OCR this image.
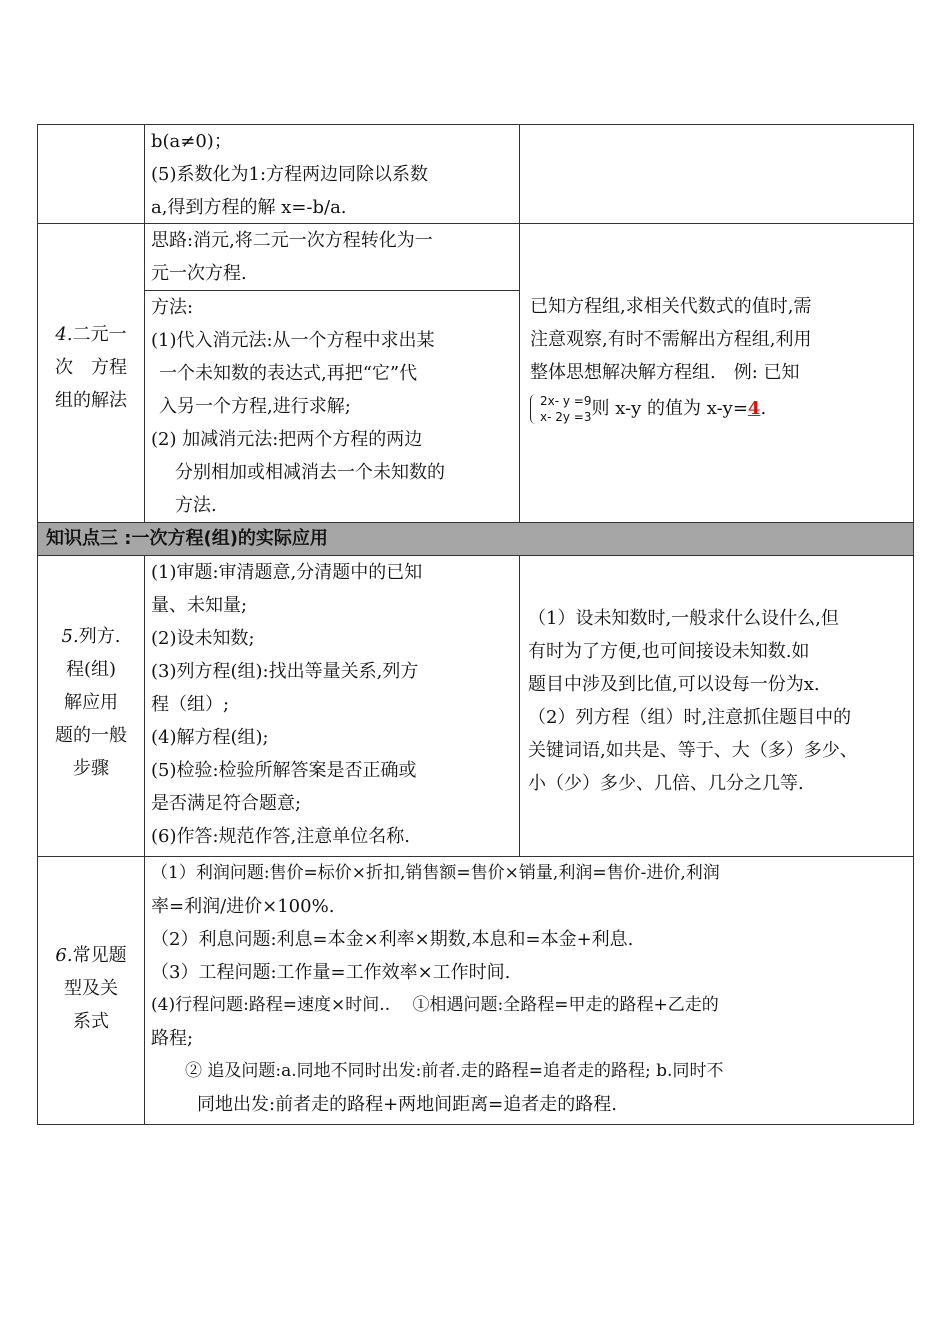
b(a≠0)；
(5)系数化为1:方程两边同除以系数
a,得到方程的解 x=-b/a.
4.二元一
次　方程
组的解法
思路:消元,将二元一次方程转化为一
元一次方程.
方法:
(1)代入消元法:从一个方程中求出某
一个未知数的表达式,再把“它”代
入另一个方程,进行求解;
(2) 加减消元法:把两个方程的两边
分别相加或相减消去一个未知数的
方法.
已知方程组,求相关代数式的值时,需
注意观察,有时不需解出方程组,利用
整体思想解决解方程组.　例: 已知
2x- y =9
x- 2y =3 则 x-y 的值为 x-y=4.
知识点三 :一次方程(组)的实际应用
5.列方.
程(组)
解应用
题的一般
步骤
(1)审题:审清题意,分清题中的已知
量、未知量;
(2)设未知数;
(3)列方程(组):找出等量关系,列方
程（组）;
(4)解方程(组);
(5)检验:检验所解答案是否正确或
是否满足符合题意;
(6)作答:规范作答,注意单位名称.
（1）设未知数时,一般求什么设什么,但
有时为了方便,也可间接设未知数.如
题目中涉及到比值,可以设每一份为x.
（2）列方程（组）时,注意抓住题目中的
关键词语,如共是、等于、大（多）多少、
小（少）多少、几倍、几分之几等.
6.常见题
型及关
系式
（1）利润问题:售价=标价×折扣,销售额=售价×销量,利润=售价-进价,利润
率=利润/进价×100%.
（2）利息问题:利息=本金×利率×期数,本息和=本金+利息.
（3）工程问题:工作量=工作效率×工作时间.
(4)行程问题:路程=速度×时间..　 ①相遇问题:全路程=甲走的路程+乙走的
路程;
② 追及问题:a.同地不同时出发:前者.走的路程=追者走的路程; b.同时不
同地出发:前者走的路程+两地间距离=追者走的路程.
